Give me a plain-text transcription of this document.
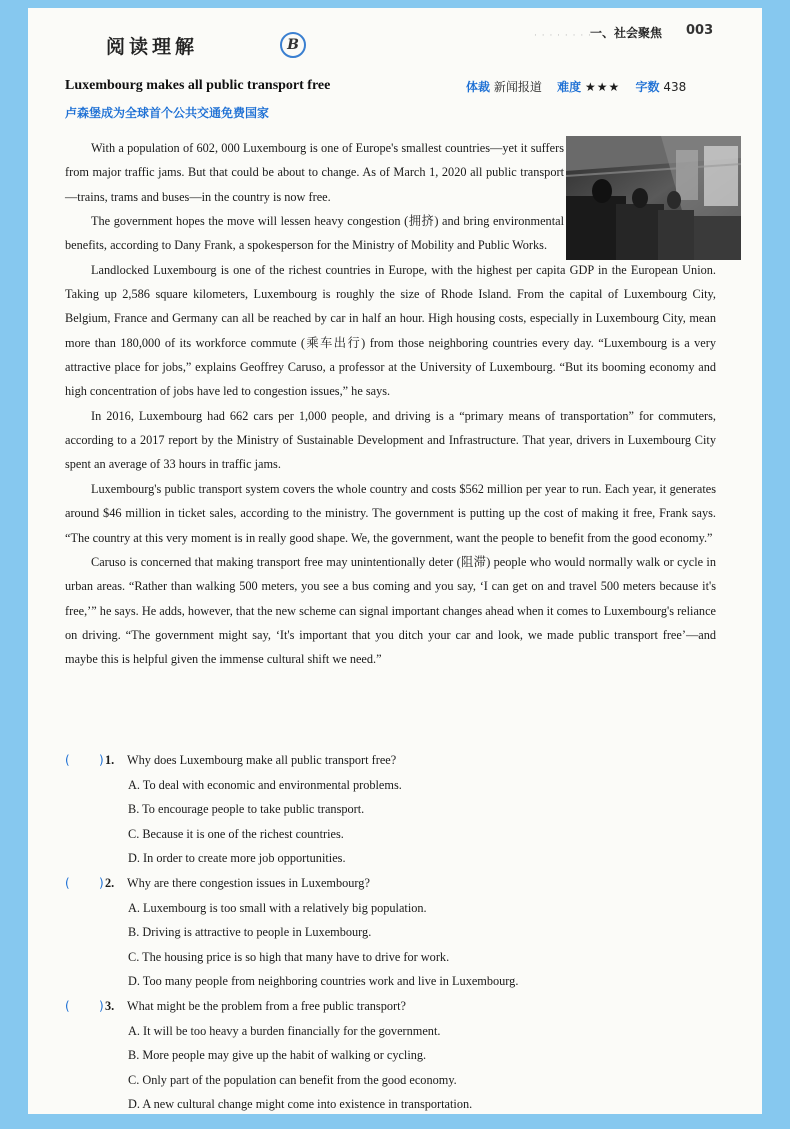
阅读理解	B
· · · · · · · ·
一、社会聚焦 003
Luxembourg makes all public transport free	体裁 新闻报道 难度 ★★★ 字数 438
卢森堡成为全球首个公共交通免费国家

With a population of 602, 000 Luxembourg is one of Europe's smallest countries—yet it suffers from major traffic jams. But that could be about to change. As of March 1, 2020 all public transport—trains, trams and buses—in the country is now free.

The government hopes the move will lessen heavy congestion (拥挤) and bring environmental benefits, according to Dany Frank, a spokesperson for the Ministry of Mobility and Public Works.

Landlocked Luxembourg is one of the richest countries in Europe, with the highest per capita GDP in the European Union. Taking up 2,586 square kilometers, Luxembourg is roughly the size of Rhode Island. From the capital of Luxembourg City, Belgium, France and Germany can all be reached by car in half an hour. High housing costs, especially in Luxembourg City, mean more than 180,000 of its workforce commute (乘车出行) from those neighboring countries every day. “Luxembourg is a very attractive place for jobs,” explains Geoffrey Caruso, a professor at the University of Luxembourg. “But its booming economy and high concentration of jobs have led to congestion issues,” he says.

In 2016, Luxembourg had 662 cars per 1,000 people, and driving is a “primary means of transportation” for commuters, according to a 2017 report by the Ministry of Sustainable Development and Infrastructure. That year, drivers in Luxembourg City spent an average of 33 hours in traffic jams.

Luxembourg's public transport system covers the whole country and costs $562 million per year to run. Each year, it generates around $46 million in ticket sales, according to the ministry. The government is putting up the cost of making it free, Frank says. “The country at this very moment is in really good shape. We, the government, want the people to benefit from the good economy.”

Caruso is concerned that making transport free may unintentionally deter (阻滞) people who would normally walk or cycle in urban areas. “Rather than walking 500 meters, you see a bus coming and you say, ‘I can get on and travel 500 meters because it's free,’” he says. He adds, however, that the new scheme can signal important changes ahead when it comes to Luxembourg's reliance on driving. “The government might say, ‘It's important that you ditch your car and look, we made public transport free’—and maybe this is helpful given the immense cultural shift we need.”

( ) 1. Why does Luxembourg make all public transport free?
A. To deal with economic and environmental problems.
B. To encourage people to take public transport.
C. Because it is one of the richest countries.
D. In order to create more job opportunities.
( ) 2. Why are there congestion issues in Luxembourg?
A. Luxembourg is too small with a relatively big population.
B. Driving is attractive to people in Luxembourg.
C. The housing price is so high that many have to drive for work.
D. Too many people from neighboring countries work and live in Luxembourg.
( ) 3. What might be the problem from a free public transport?
A. It will be too heavy a burden financially for the government.
B. More people may give up the habit of walking or cycling.
C. Only part of the population can benefit from the good economy.
D. A new cultural change might come into existence in transportation.
